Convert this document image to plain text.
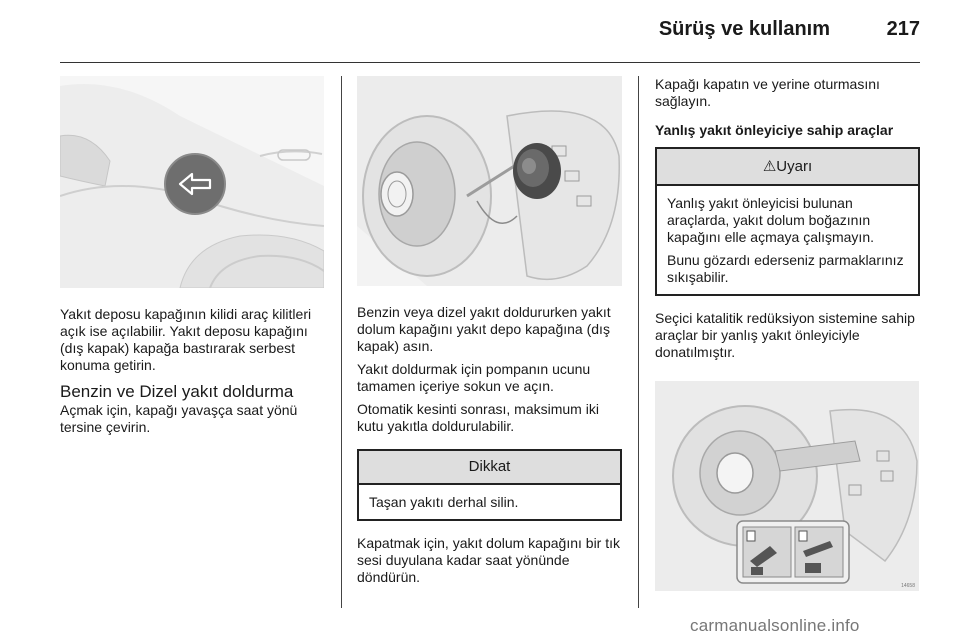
Sürüş ve kullanım	217

Yakıt deposu kapağının kilidi araç kilitleri açık ise açılabilir. Yakıt deposu kapağını (dış kapak) kapağa bastırarak serbest konuma getirin.

Benzin ve Dizel yakıt doldurma

Açmak için, kapağı yavaşça saat yönü tersine çevirin.

Benzin veya dizel yakıt doldururken yakıt dolum kapağını yakıt depo kapağına (dış kapak) asın.

Yakıt doldurmak için pompanın ucunu tamamen içeriye sokun ve açın.

Otomatik kesinti sonrası, maksimum iki kutu yakıtla doldurulabilir.

Dikkat

Taşan yakıtı derhal silin.

Kapatmak için, yakıt dolum kapağını bir tık sesi duyulana kadar saat yönünde döndürün.

Kapağı kapatın ve yerine oturmasını sağlayın.

Yanlış yakıt önleyiciye sahip araçlar
⚠Uyarı

Yanlış yakıt önleyicisi bulunan araçlarda, yakıt dolum boğazının kapağını elle açmaya çalışmayın.

Bunu gözardı ederseniz parmaklarınız sıkışabilir.

Seçici katalitik redüksiyon sistemine sahip araçlar bir yanlış yakıt önleyiciyle donatılmıştır.

14658
carmanualsonline.info
